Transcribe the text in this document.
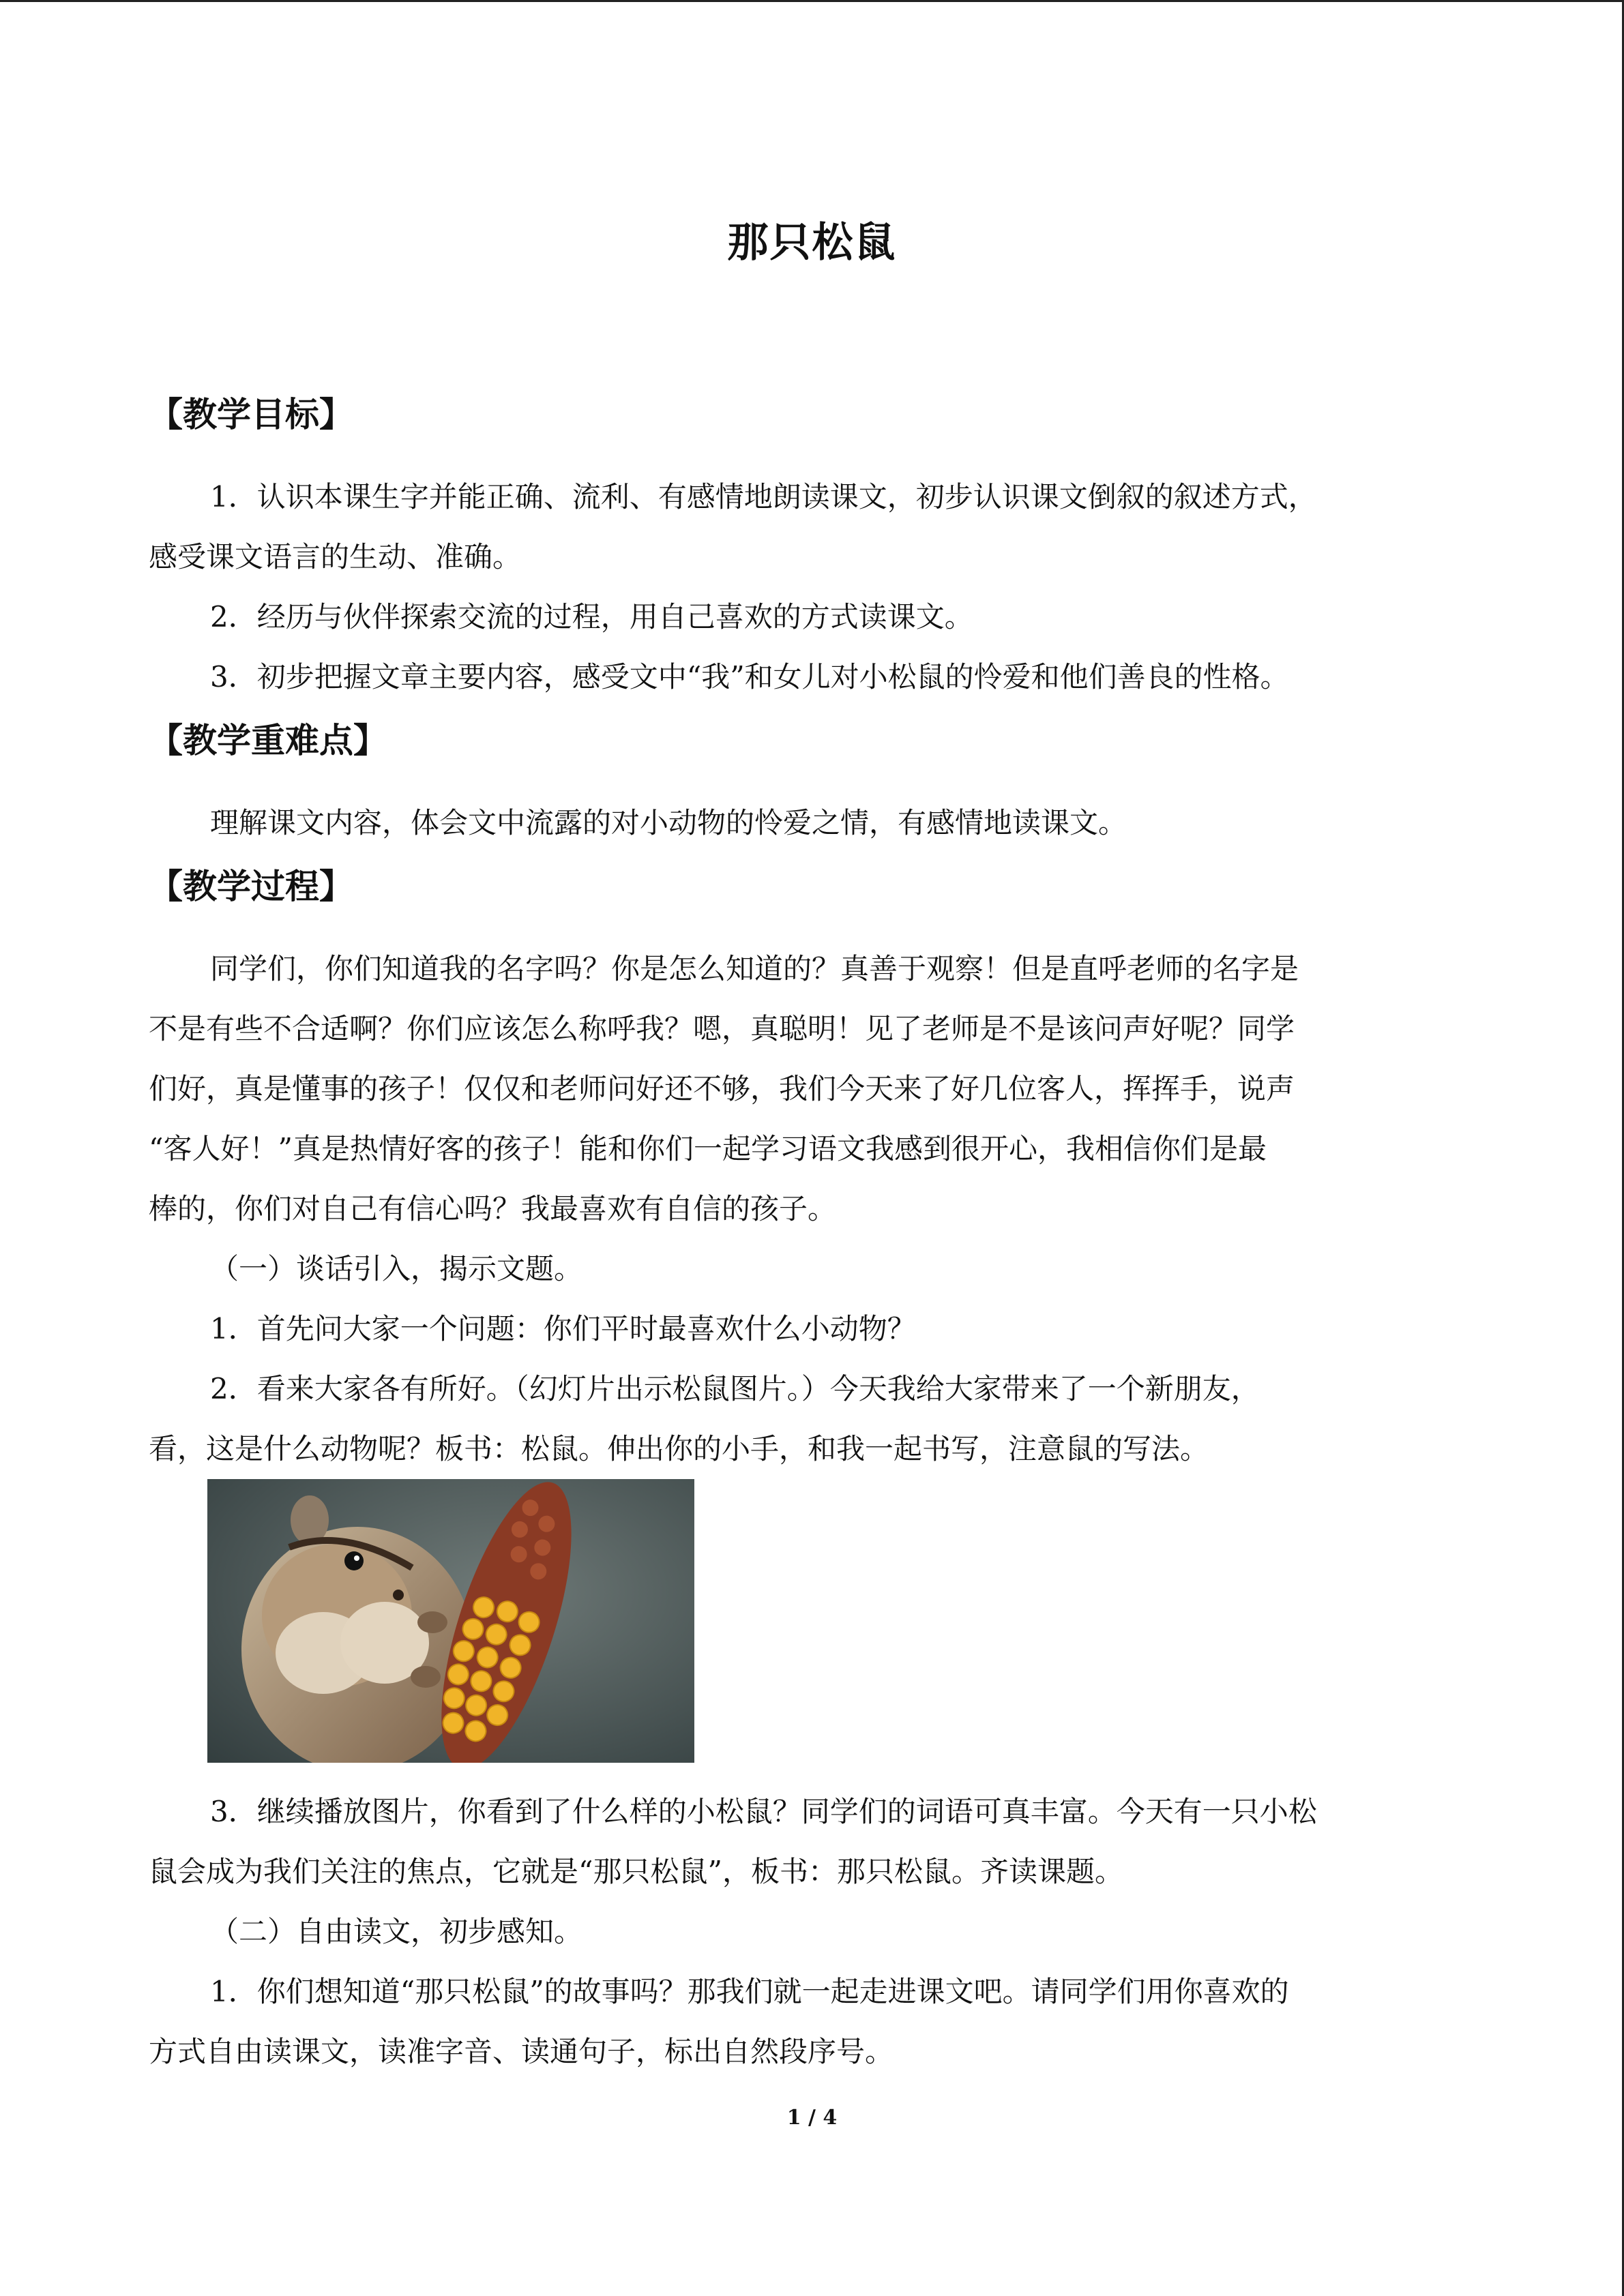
那只松鼠
【教学目标】
1．认识本课生字并能正确、流利、有感情地朗读课文，初步认识课文倒叙的叙述方式，
感受课文语言的生动、准确。
2．经历与伙伴探索交流的过程，用自己喜欢的方式读课文。
3．初步把握文章主要内容，感受文中“我”和女儿对小松鼠的怜爱和他们善良的性格。
【教学重难点】
理解课文内容，体会文中流露的对小动物的怜爱之情，有感情地读课文。
【教学过程】
同学们，你们知道我的名字吗？你是怎么知道的？真善于观察！但是直呼老师的名字是
不是有些不合适啊？你们应该怎么称呼我？嗯，真聪明！见了老师是不是该问声好呢？同学
们好，真是懂事的孩子！仅仅和老师问好还不够，我们今天来了好几位客人，挥挥手，说声
“客人好！”真是热情好客的孩子！能和你们一起学习语文我感到很开心，我相信你们是最
棒的，你们对自己有信心吗？我最喜欢有自信的孩子。
（一）谈话引入，揭示文题。
1．首先问大家一个问题：你们平时最喜欢什么小动物？
2．看来大家各有所好。（幻灯片出示松鼠图片。）今天我给大家带来了一个新朋友，
看，这是什么动物呢？板书：松鼠。伸出你的小手，和我一起书写，注意鼠的写法。
3．继续播放图片，你看到了什么样的小松鼠？同学们的词语可真丰富。今天有一只小松
鼠会成为我们关注的焦点，它就是“那只松鼠”，板书：那只松鼠。齐读课题。
（二）自由读文，初步感知。
1．你们想知道“那只松鼠”的故事吗？那我们就一起走进课文吧。请同学们用你喜欢的
方式自由读课文，读准字音、读通句子，标出自然段序号。
1 / 4
